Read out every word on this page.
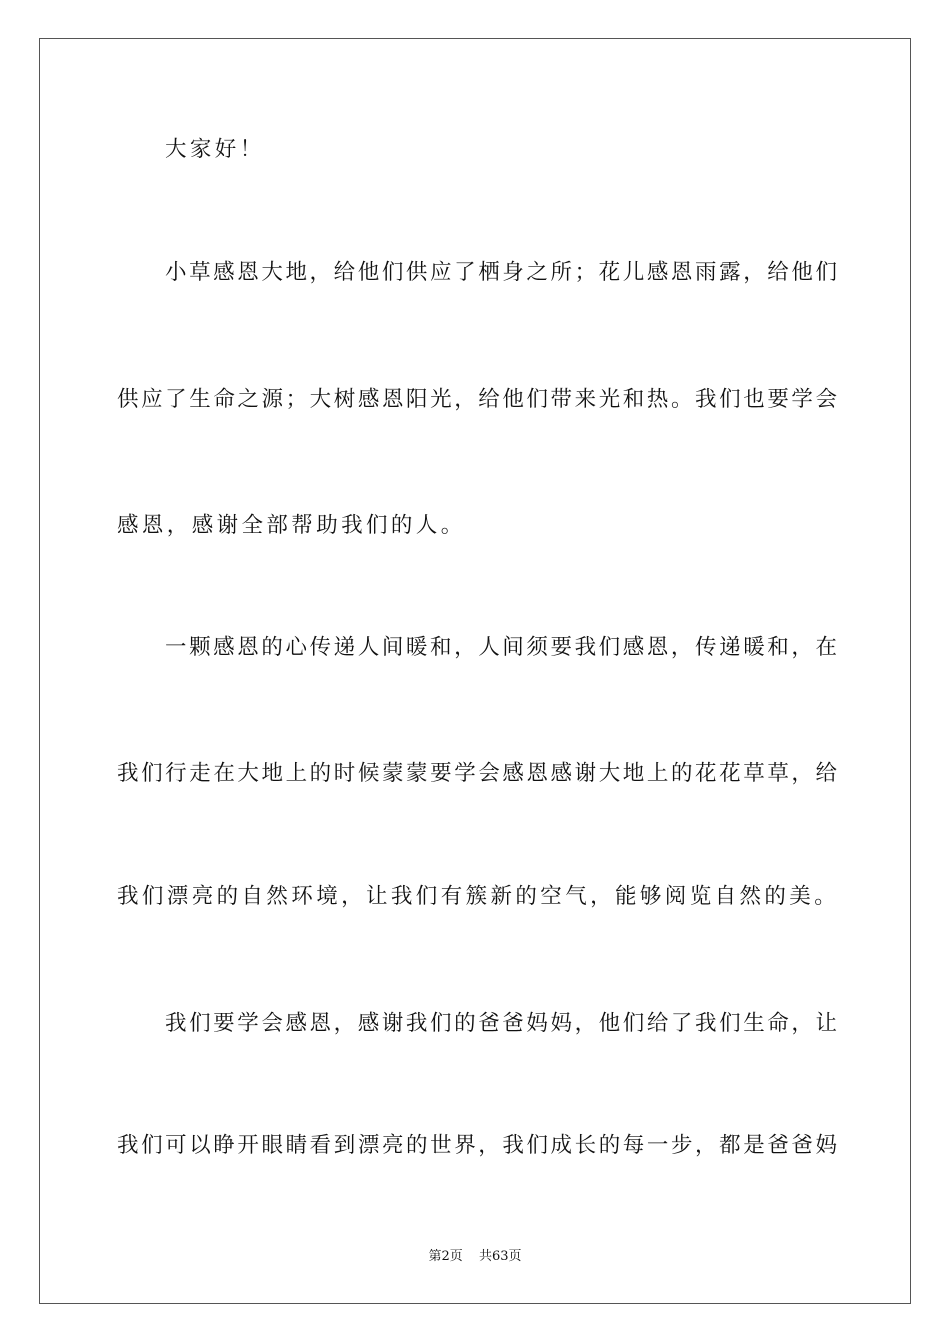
大家好！
小草感恩大地，给他们供应了栖身之所；花儿感恩雨露，给他们
供应了生命之源；大树感恩阳光，给他们带来光和热。我们也要学会
感恩，感谢全部帮助我们的人。
一颗感恩的心传递人间暖和，人间须要我们感恩，传递暖和，在
我们行走在大地上的时候蒙蒙要学会感恩感谢大地上的花花草草，给
我们漂亮的自然环境，让我们有簇新的空气，能够阅览自然的美。
我们要学会感恩，感谢我们的爸爸妈妈，他们给了我们生命，让
我们可以睁开眼睛看到漂亮的世界，我们成长的每一步，都是爸爸妈
第2页 共63页
